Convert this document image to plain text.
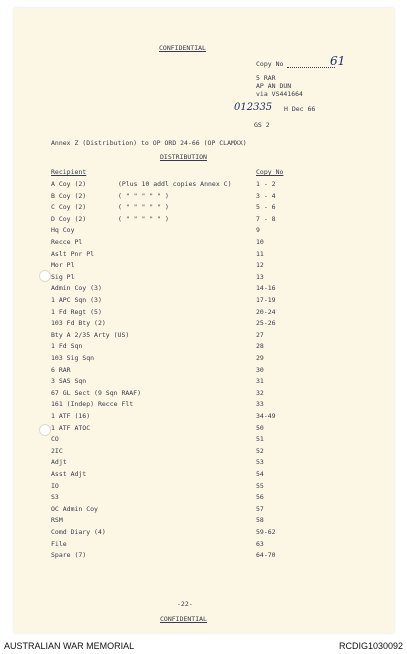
CONFIDENTIAL
Copy No	61
5 RAR
AP AN DUN
via VS441664
012335 H Dec 66
GS 2
Annex Z (Distribution) to OP ORD 24-66 (OP CLAMXX)
DISTRIBUTION
Recipient	Copy No
A Coy (2)	(Plus 10 addl copies Annex C)	1 - 2
B Coy (2)	( " " " " " )	3 - 4
C Coy (2)	( " " " " " )	5 - 6
D Coy (2)	( " " " " " )	7 - 8
Hq Coy	9
Recce Pl	10
Aslt Pnr Pl	11
Mor Pl	12
Sig Pl	13
Admin Coy (3)	14-16
1 APC Sqn (3)	17-19
1 Fd Regt (5)	20-24
103 Fd Bty (2)	25-26
Bty A 2/35 Arty (US)	27
1 Fd Sqn	28
103 Sig Sqn	29
6 RAR	30
3 SAS Sqn	31
67 GL Sect (9 Sqn RAAF)	32
161 (Indep) Recce Flt	33
1 ATF (16)	34-49
1 ATF ATOC	50
CO	51
2IC	52
Adjt	53
Asst Adjt	54
IO	55
S3	56
OC Admin Coy	57
RSM	58
Comd Diary (4)	59-62
File	63
Spare (7)	64-70
-22-
CONFIDENTIAL
AUSTRALIAN WAR MEMORIAL	RCDIG1030092
